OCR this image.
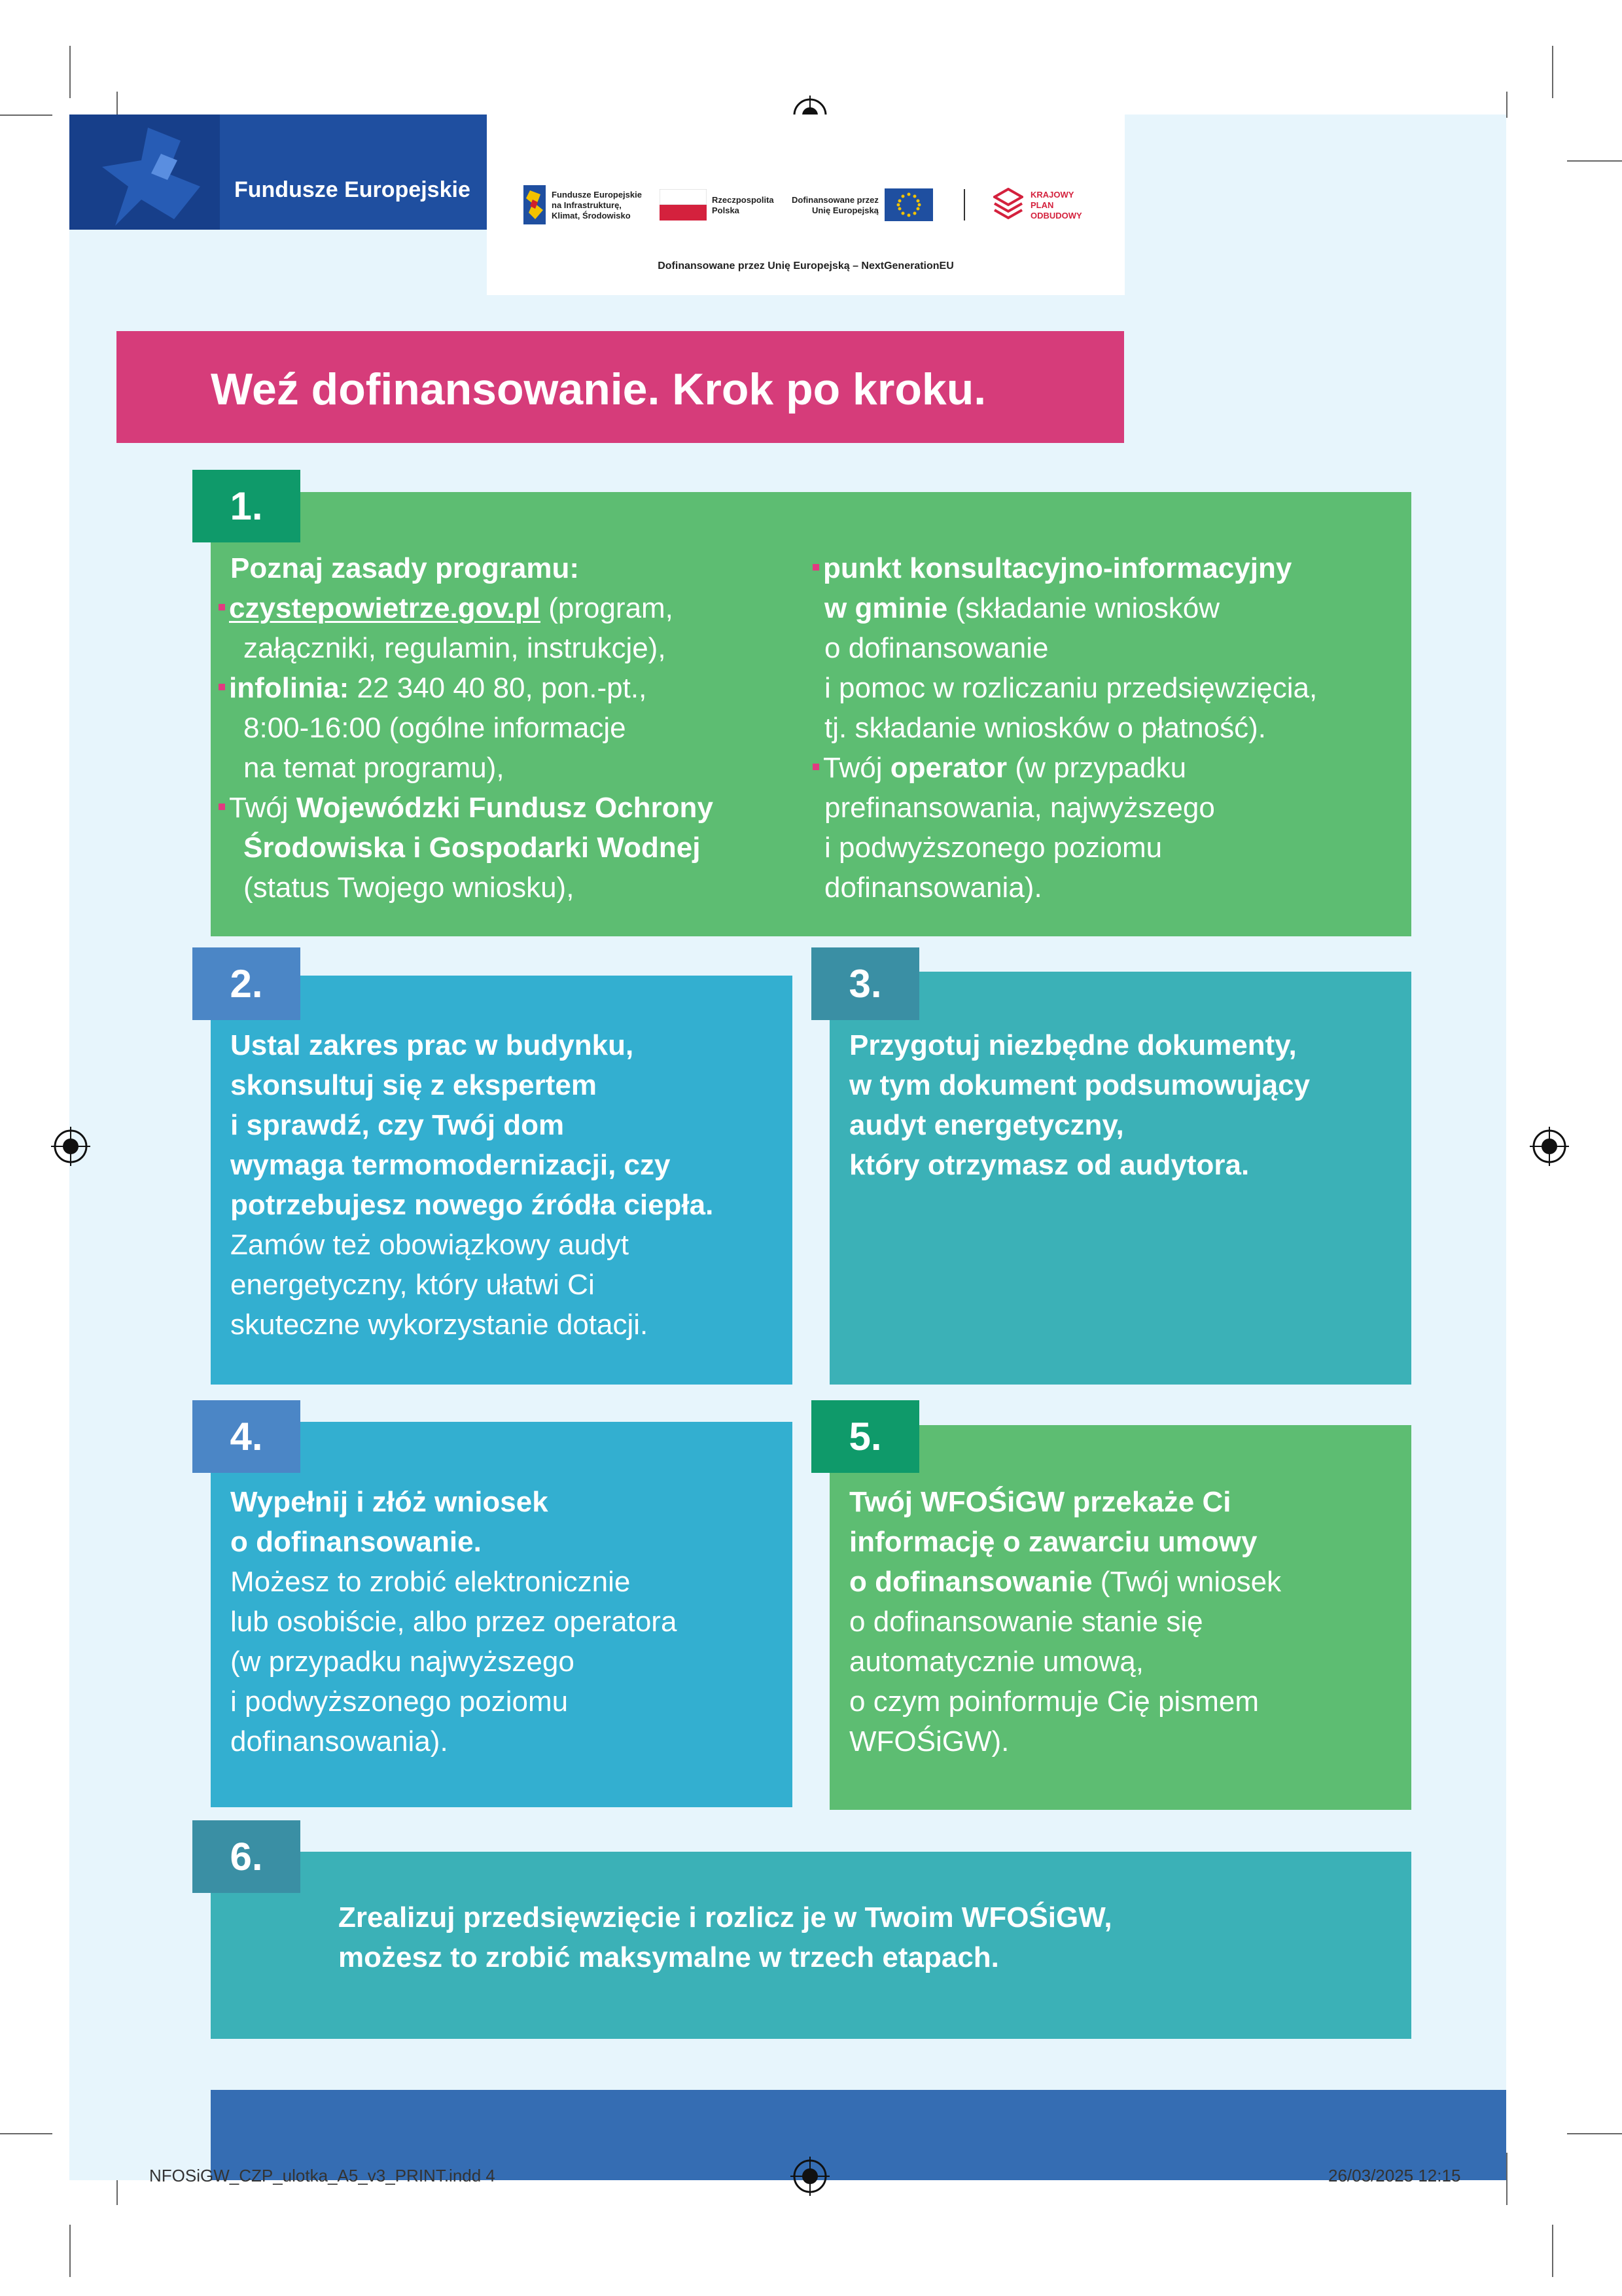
Fundusze Europejskie	Fundusze Europejskie
na Infrastrukturę,
Klimat, Środowisko
Rzeczpospolita
Polska
Dofinansowane przez
Unię Europejską
KRAJOWY
PLAN
ODBUDOWY
Dofinansowane przez Unię Europejską – NextGenerationEU
Weź dofinansowanie. Krok po kroku.
1.
Poznaj zasady programu:
czystepowietrze.gov.pl (program,
załączniki, regulamin, instrukcje),
infolinia: 22 340 40 80, pon.-pt.,
8:00-16:00 (ogólne informacje
na temat programu),
Twój Wojewódzki Fundusz Ochrony
Środowiska i Gospodarki Wodnej
(status Twojego wniosku),
punkt konsultacyjno-informacyjny
w gminie (składanie wniosków
o dofinansowanie
i pomoc w rozliczaniu przedsięwzięcia,
tj. składanie wniosków o płatność).
Twój operator (w przypadku
prefinansowania, najwyższego
i podwyższonego poziomu
dofinansowania).
2.
Ustal zakres prac w budynku,
skonsultuj się z ekspertem
i sprawdź, czy Twój dom
wymaga termomodernizacji, czy
potrzebujesz nowego źródła ciepła.
Zamów też obowiązkowy audyt
energetyczny, który ułatwi Ci
skuteczne wykorzystanie dotacji.
3.
Przygotuj niezbędne dokumenty,
w tym dokument podsumowujący
audyt energetyczny,
który otrzymasz od audytora.
4.
Wypełnij i złóż wniosek
o dofinansowanie.
Możesz to zrobić elektronicznie
lub osobiście, albo przez operatora
(w przypadku najwyższego
i podwyższonego poziomu
dofinansowania).
5.
Twój WFOŚiGW przekaże Ci
informację o zawarciu umowy
o dofinansowanie (Twój wniosek
o dofinansowanie stanie się
automatycznie umową,
o czym poinformuje Cię pismem
WFOŚiGW).
6.
Zrealizuj przedsięwzięcie i rozlicz je w Twoim WFOŚiGW,
możesz to zrobić maksymalne w trzech etapach.
NFOSiGW_CZP_ulotka_A5_v3_PRINT.indd 4	26/03/2025 12:15
